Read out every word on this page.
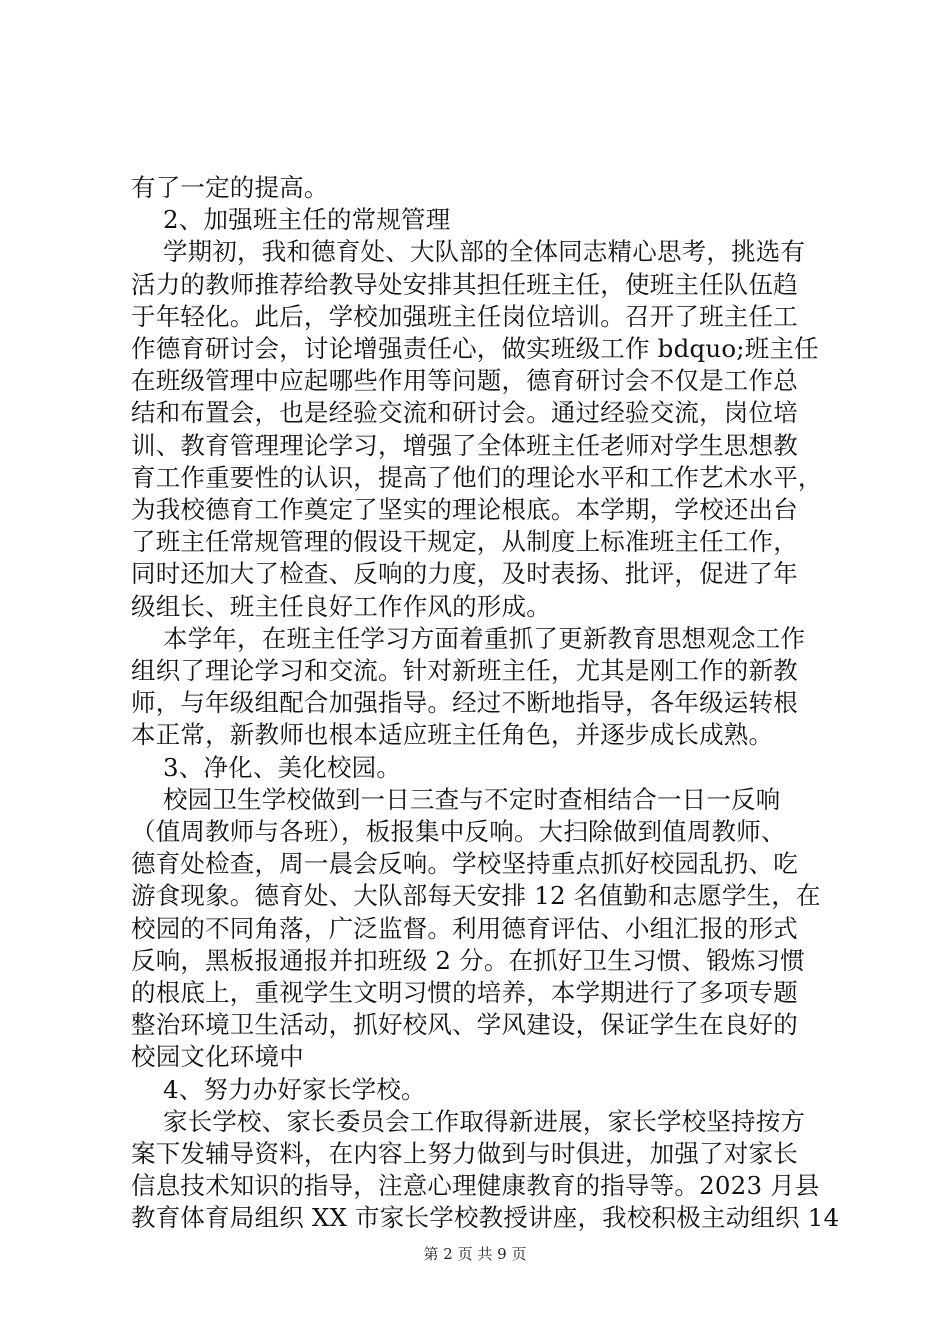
有了一定的提高。
2、加强班主任的常规管理
学期初，我和德育处、大队部的全体同志精心思考，挑选有
活力的教师推荐给教导处安排其担任班主任，使班主任队伍趋
于年轻化。此后，学校加强班主任岗位培训。召开了班主任工
作德育研讨会，讨论增强责任心，做实班级工作 bdquo;班主任
在班级管理中应起哪些作用等问题，德育研讨会不仅是工作总
结和布置会，也是经验交流和研讨会。通过经验交流，岗位培
训、教育管理理论学习，增强了全体班主任老师对学生思想教
育工作重要性的认识，提高了他们的理论水平和工作艺术水平，
为我校德育工作奠定了坚实的理论根底。本学期，学校还出台
了班主任常规管理的假设干规定，从制度上标准班主任工作，
同时还加大了检查、反响的力度，及时表扬、批评，促进了年
级组长、班主任良好工作作风的形成。
本学年，在班主任学习方面着重抓了更新教育思想观念工作
组织了理论学习和交流。针对新班主任，尤其是刚工作的新教
师，与年级组配合加强指导。经过不断地指导，各年级运转根
本正常，新教师也根本适应班主任角色，并逐步成长成熟。
3、净化、美化校园。
校园卫生学校做到一日三查与不定时查相结合一日一反响
（值周教师与各班），板报集中反响。大扫除做到值周教师、
德育处检查，周一晨会反响。学校坚持重点抓好校园乱扔、吃
游食现象。德育处、大队部每天安排 12 名值勤和志愿学生，在
校园的不同角落，广泛监督。利用德育评估、小组汇报的形式
反响，黑板报通报并扣班级 2 分。在抓好卫生习惯、锻炼习惯
的根底上，重视学生文明习惯的培养，本学期进行了多项专题
整治环境卫生活动，抓好校风、学风建设，保证学生在良好的
校园文化环境中
4、努力办好家长学校。
家长学校、家长委员会工作取得新进展，家长学校坚持按方
案下发辅导资料，在内容上努力做到与时俱进，加强了对家长
信息技术知识的指导，注意心理健康教育的指导等。2023 月县
教育体育局组织 XX 市家长学校教授讲座，我校积极主动组织 14
第 2 页 共 9 页
